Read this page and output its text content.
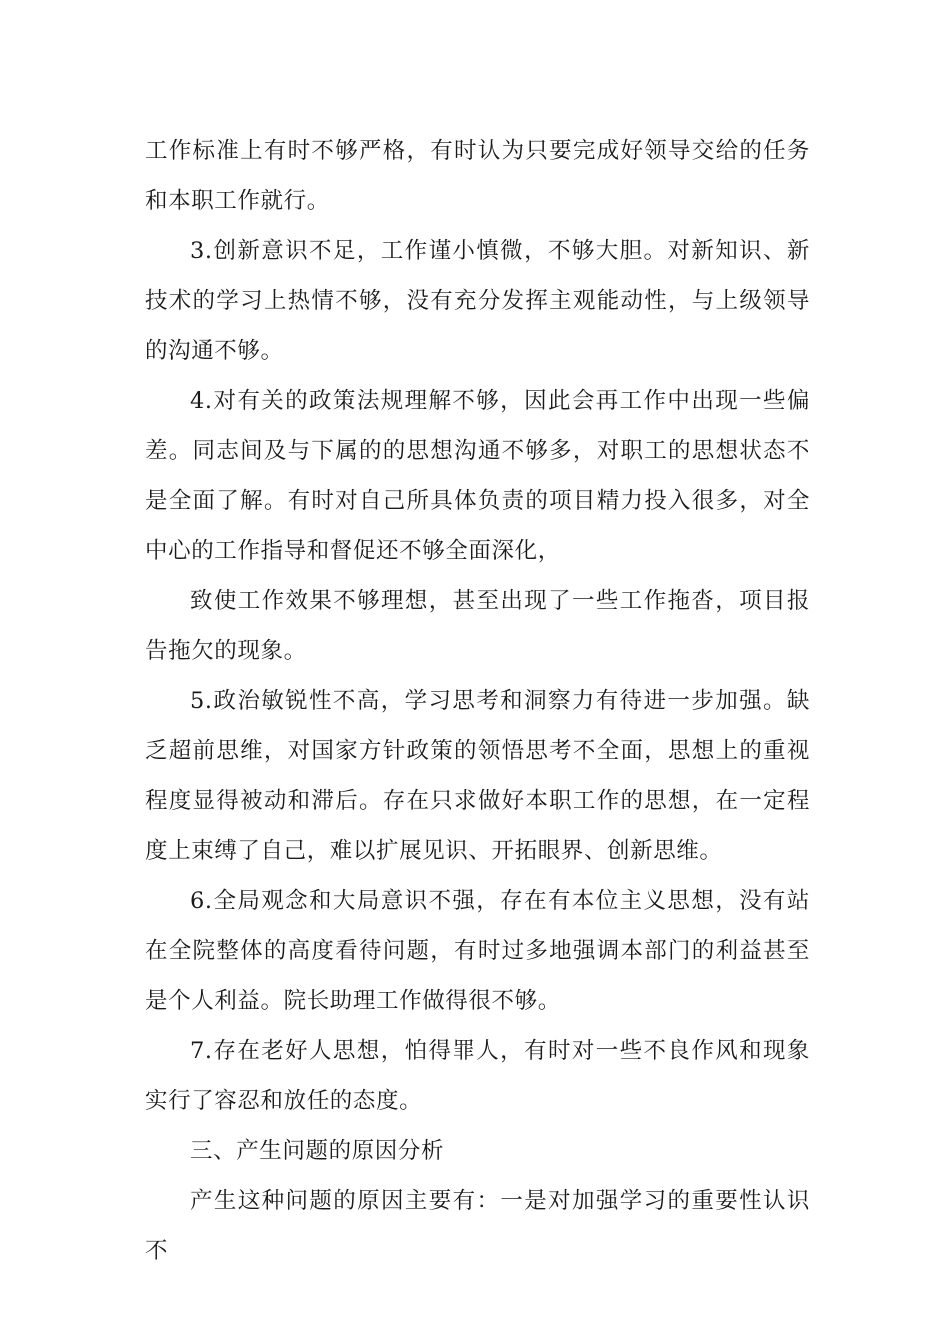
工作标准上有时不够严格，有时认为只要完成好领导交给的任务和本职工作就行。

3.创新意识不足，工作谨小慎微，不够大胆。对新知识、新技术的学习上热情不够，没有充分发挥主观能动性，与上级领导的沟通不够。

4.对有关的政策法规理解不够，因此会再工作中出现一些偏差。同志间及与下属的的思想沟通不够多，对职工的思想状态不是全面了解。有时对自己所具体负责的项目精力投入很多，对全中心的工作指导和督促还不够全面深化，

致使工作效果不够理想，甚至出现了一些工作拖沓，项目报告拖欠的现象。

5.政治敏锐性不高，学习思考和洞察力有待进一步加强。缺乏超前思维，对国家方针政策的领悟思考不全面，思想上的重视程度显得被动和滞后。存在只求做好本职工作的思想，在一定程度上束缚了自己，难以扩展见识、开拓眼界、创新思维。

6.全局观念和大局意识不强，存在有本位主义思想，没有站在全院整体的高度看待问题，有时过多地强调本部门的利益甚至是个人利益。院长助理工作做得很不够。

7.存在老好人思想，怕得罪人，有时对一些不良作风和现象实行了容忍和放任的态度。

三、产生问题的原因分析

产生这种问题的原因主要有：一是对加强学习的重要性认识不
